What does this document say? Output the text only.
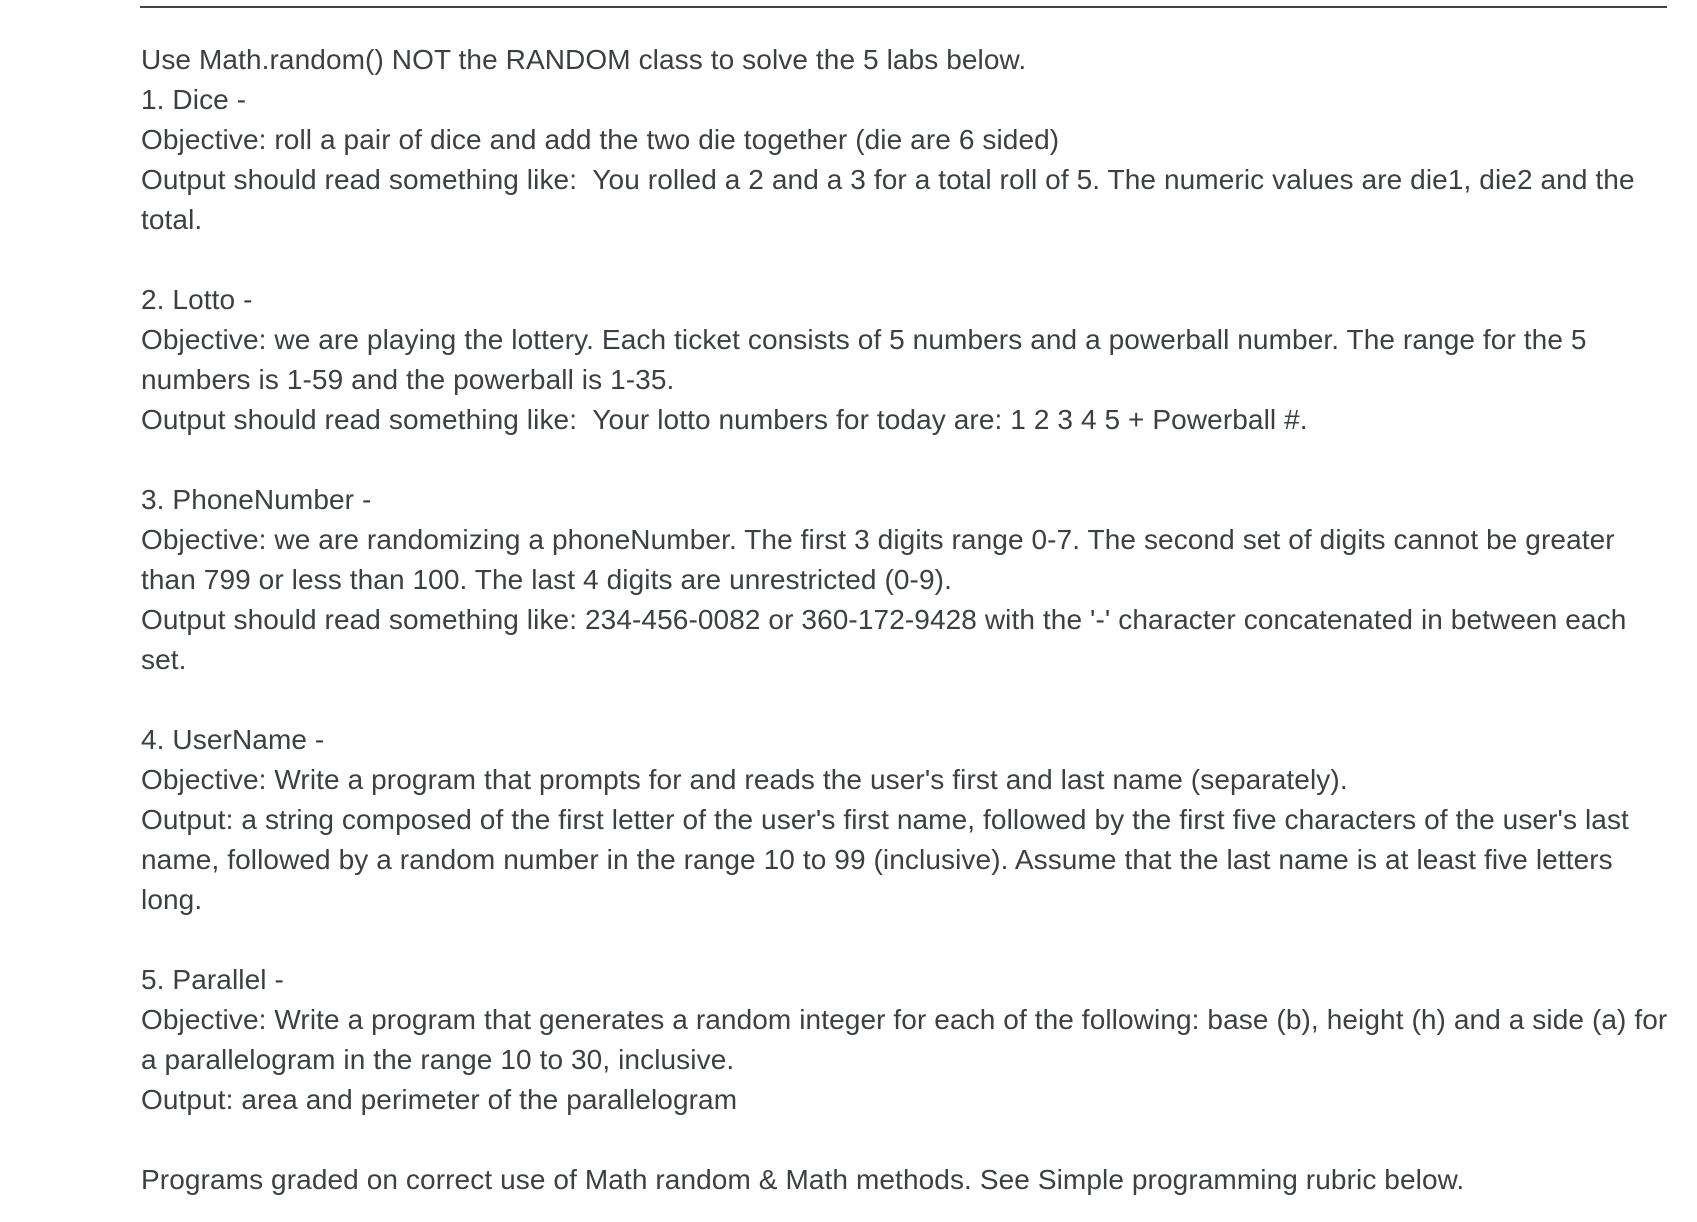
Use Math.random() NOT the RANDOM class to solve the 5 labs below.

1. Dice -

Objective: roll a pair of dice and add the two die together (die are 6 sided)

Output should read something like:  You rolled a 2 and a 3 for a total roll of 5. The numeric values are die1, die2 and the total.

2. Lotto -

Objective: we are playing the lottery. Each ticket consists of 5 numbers and a powerball number. The range for the 5 numbers is 1-59 and the powerball is 1-35.

Output should read something like:  Your lotto numbers for today are: 1 2 3 4 5 + Powerball #.

3. PhoneNumber -

Objective: we are randomizing a phoneNumber. The first 3 digits range 0-7. The second set of digits cannot be greater than 799 or less than 100. The last 4 digits are unrestricted (0-9).

Output should read something like: 234-456-0082 or 360-172-9428 with the '-' character concatenated in between each set.

4. UserName -

Objective: Write a program that prompts for and reads the user's first and last name (separately).

Output: a string composed of the first letter of the user's first name, followed by the first five characters of the user's last name, followed by a random number in the range 10 to 99 (inclusive). Assume that the last name is at least five letters long.

5. Parallel -

Objective: Write a program that generates a random integer for each of the following: base (b), height (h) and a side (a) for a parallelogram in the range 10 to 30, inclusive.

Output: area and perimeter of the parallelogram

Programs graded on correct use of Math random & Math methods. See Simple programming rubric below.
